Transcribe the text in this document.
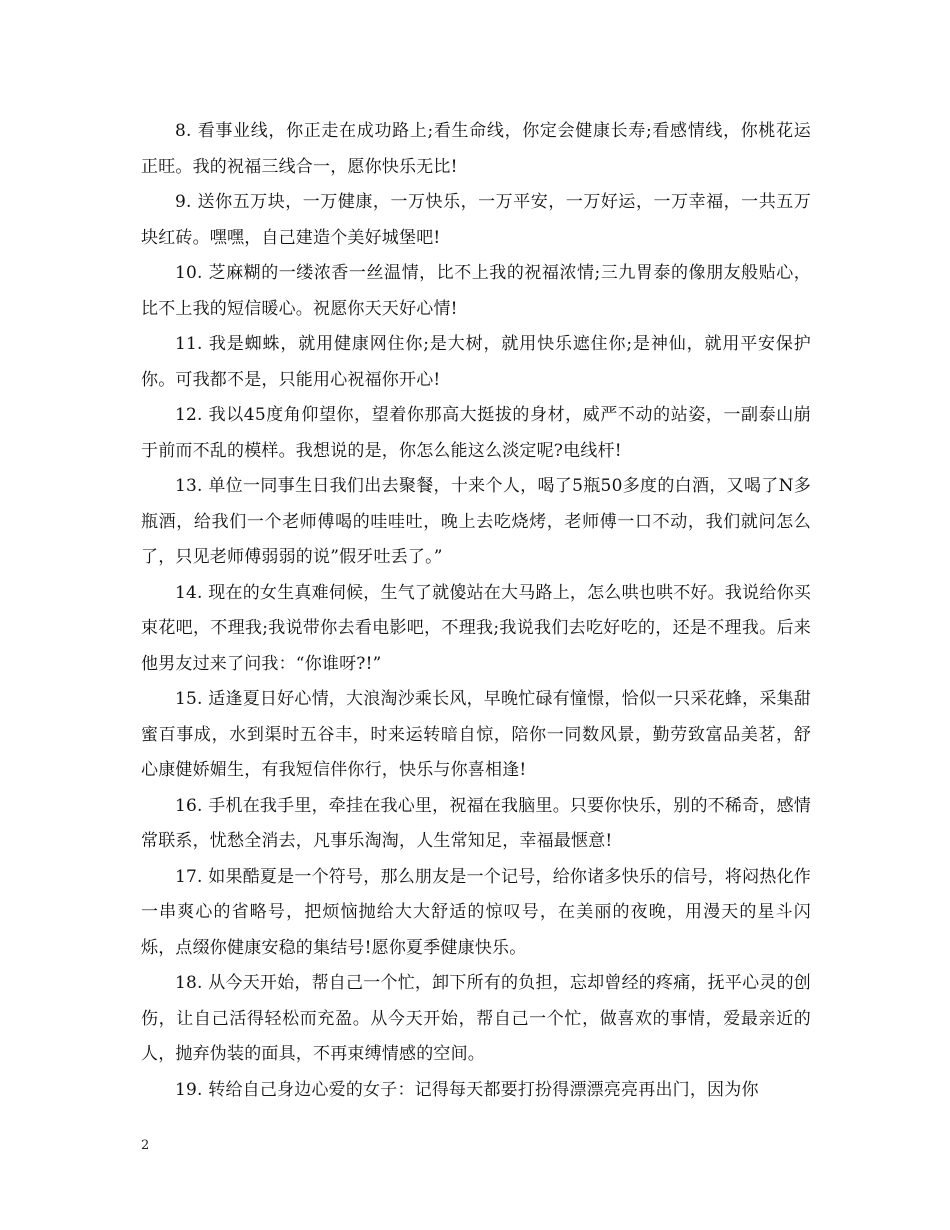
8. 看事业线，你正走在成功路上;看生命线，你定会健康长寿;看感情线，你桃花运正旺。我的祝福三线合一，愿你快乐无比!

9. 送你五万块，一万健康，一万快乐，一万平安，一万好运，一万幸福，一共五万块红砖。嘿嘿，自己建造个美好城堡吧!

10. 芝麻糊的一缕浓香一丝温情，比不上我的祝福浓情;三九胃泰的像朋友般贴心，比不上我的短信暖心。祝愿你天天好心情!

11. 我是蜘蛛，就用健康网住你;是大树，就用快乐遮住你;是神仙，就用平安保护你。可我都不是，只能用心祝福你开心!

12. 我以45度角仰望你，望着你那高大挺拔的身材，威严不动的站姿，一副泰山崩于前而不乱的模样。我想说的是，你怎么能这么淡定呢?电线杆!

13. 单位一同事生日我们出去聚餐，十来个人，喝了5瓶50多度的白酒，又喝了N多瓶酒，给我们一个老师傅喝的哇哇吐，晚上去吃烧烤，老师傅一口不动，我们就问怎么了，只见老师傅弱弱的说”假牙吐丢了。”

14. 现在的女生真难伺候，生气了就傻站在大马路上，怎么哄也哄不好。我说给你买束花吧，不理我;我说带你去看电影吧，不理我;我说我们去吃好吃的，还是不理我。后来他男友过来了问我：“你谁呀?!”

15. 适逢夏日好心情，大浪淘沙乘长风，早晚忙碌有憧憬，恰似一只采花蜂，采集甜蜜百事成，水到渠时五谷丰，时来运转暗自惊，陪你一同数风景，勤劳致富品美茗，舒心康健娇媚生，有我短信伴你行，快乐与你喜相逢!

16. 手机在我手里，牵挂在我心里，祝福在我脑里。只要你快乐，别的不稀奇，感情常联系，忧愁全消去，凡事乐淘淘，人生常知足，幸福最惬意!

17. 如果酷夏是一个符号，那么朋友是一个记号，给你诸多快乐的信号，将闷热化作一串爽心的省略号，把烦恼抛给大大舒适的惊叹号，在美丽的夜晚，用漫天的星斗闪烁，点缀你健康安稳的集结号!愿你夏季健康快乐。

18. 从今天开始，帮自己一个忙，卸下所有的负担，忘却曾经的疼痛，抚平心灵的创伤，让自己活得轻松而充盈。从今天开始，帮自己一个忙，做喜欢的事情，爱最亲近的人，抛弃伪装的面具，不再束缚情感的空间。

19. 转给自己身边心爱的女子：记得每天都要打扮得漂漂亮亮再出门，因为你

2
